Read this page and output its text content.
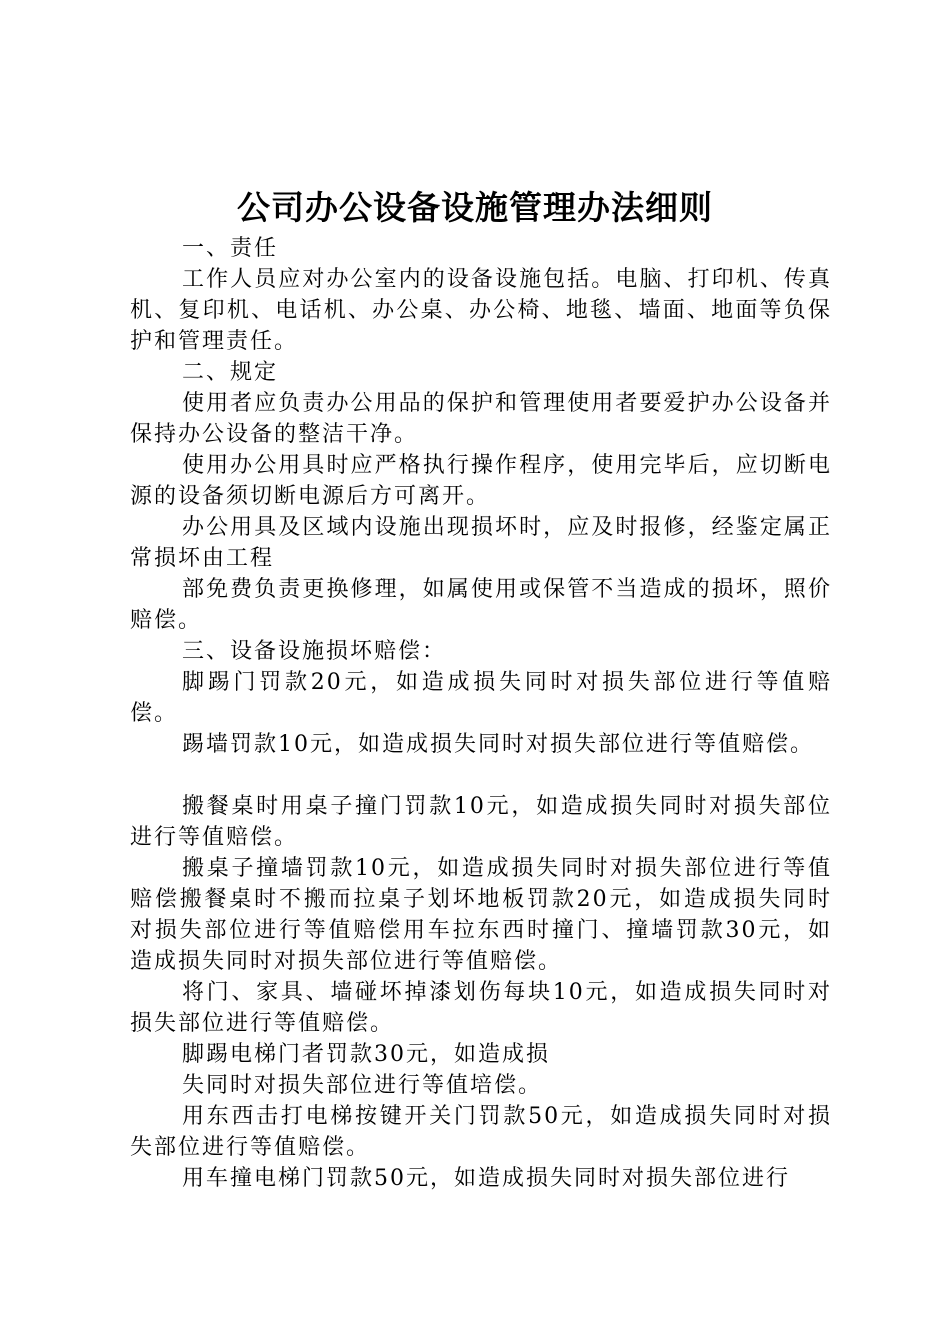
公司办公设备设施管理办法细则

一、责任

工作人员应对办公室内的设备设施包括。电脑、打印机、传真机、复印机、电话机、办公桌、办公椅、地毯、墙面、地面等负保护和管理责任。

二、规定

使用者应负责办公用品的保护和管理使用者要爱护办公设备并保持办公设备的整洁干净。

使用办公用具时应严格执行操作程序，使用完毕后，应切断电源的设备须切断电源后方可离开。

办公用具及区域内设施出现损坏时，应及时报修，经鉴定属正常损坏由工程

部免费负责更换修理，如属使用或保管不当造成的损坏，照价赔偿。

三、设备设施损坏赔偿：

脚踢门罚款20元，如造成损失同时对损失部位进行等值赔偿。

踢墙罚款10元，如造成损失同时对损失部位进行等值赔偿。

搬餐桌时用桌子撞门罚款10元，如造成损失同时对损失部位进行等值赔偿。

搬桌子撞墙罚款10元，如造成损失同时对损失部位进行等值赔偿搬餐桌时不搬而拉桌子划坏地板罚款20元，如造成损失同时对损失部位进行等值赔偿用车拉东西时撞门、撞墙罚款30元，如造成损失同时对损失部位进行等值赔偿。

将门、家具、墙碰坏掉漆划伤每块10元，如造成损失同时对损失部位进行等值赔偿。

脚踢电梯门者罚款30元，如造成损

失同时对损失部位进行等值培偿。

用东西击打电梯按键开关门罚款50元，如造成损失同时对损失部位进行等值赔偿。

用车撞电梯门罚款50元，如造成损失同时对损失部位进行
